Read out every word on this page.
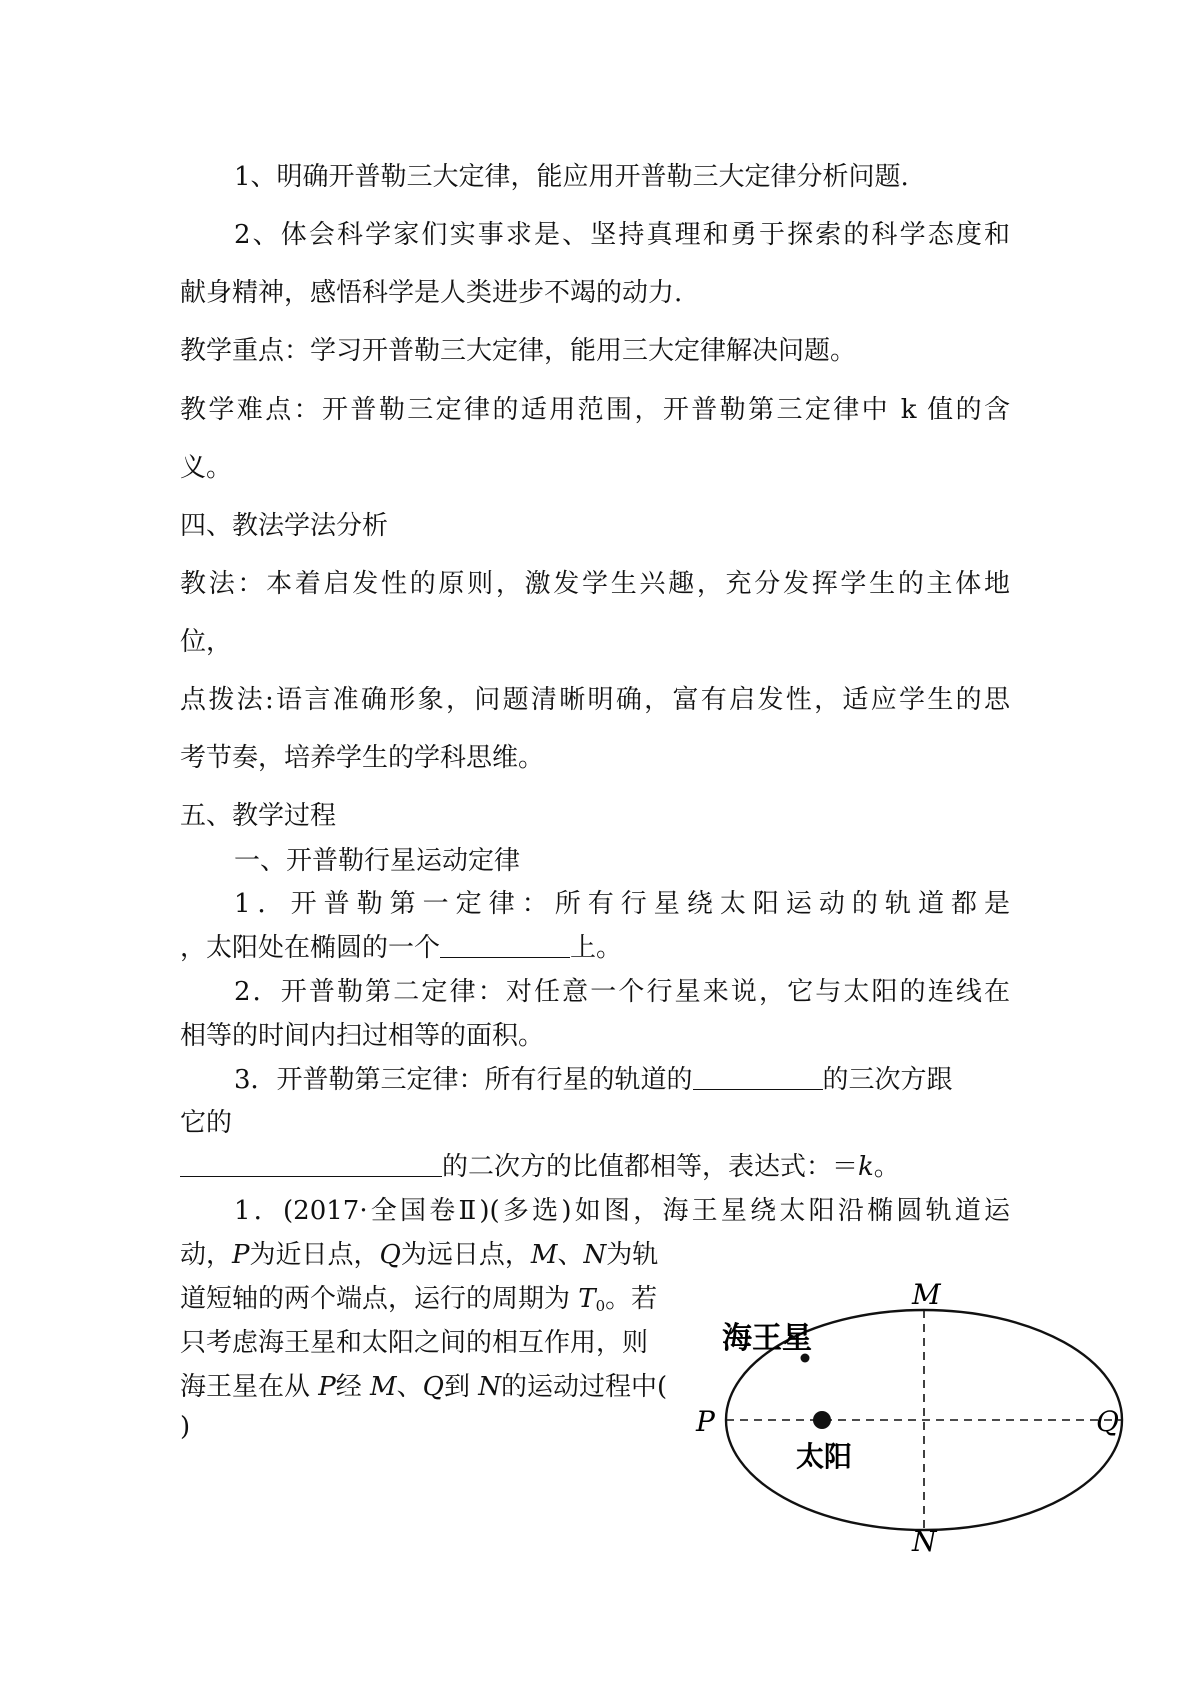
1、明确开普勒三大定律，能应用开普勒三大定律分析问题.
2、体会科学家们实事求是、坚持真理和勇于探索的科学态度和
献身精神，感悟科学是人类进步不竭的动力.
教学重点：学习开普勒三大定律，能用三大定律解决问题。
教学难点：开普勒三定律的适用范围，开普勒第三定律中 k 值的含
义。
四、教法学法分析
教法：本着启发性的原则，激发学生兴趣，充分发挥学生的主体地
位，
点拨法:语言准确形象，问题清晰明确，富有启发性，适应学生的思
考节奏，培养学生的学科思维。
五、教学过程
一、开普勒行星运动定律
1．开普勒第一定律：所有行星绕太阳运动的轨道都是
，太阳处在椭圆的一个	上。
2．开普勒第二定律：对任意一个行星来说，它与太阳的连线在
相等的时间内扫过相等的面积。
3．开普勒第三定律：所有行星的轨道的	的三次方跟
它的
的二次方的比值都相等，表达式：＝k。
1．(2017·全国卷Ⅱ)(多选)如图，海王星绕太阳沿椭圆轨道运
动，P为近日点，Q为远日点，M、N为轨
道短轴的两个端点，运行的周期为 $T_0$。若
只考虑海王星和太阳之间的相互作用，则
海王星在从 P经 M、Q到 N的运动过程中(
)
海王星
太阳
M
N
P	Q
